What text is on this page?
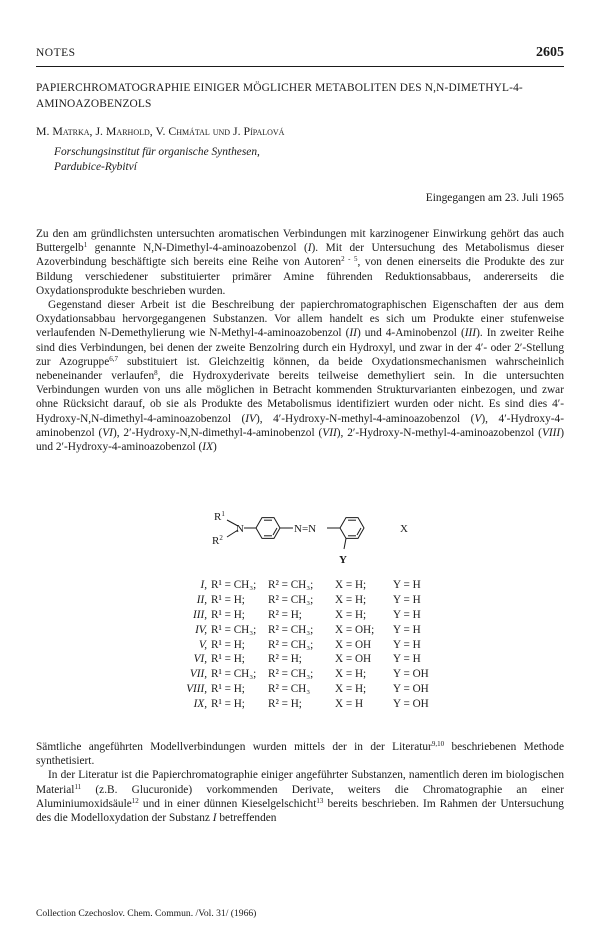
NOTES	2605
PAPIERCHROMATOGRAPHIE EINIGER MÖGLICHER METABOLITEN DES N,N-DIMETHYL-4-AMINOAZOBENZOLS
M. Matrka, J. Marhold, V. Chmátal und J. Pípalová
Forschungsinstitut für organische Synthesen,
Pardubice-Rybitví
Eingegangen am 23. Juli 1965

Zu den am gründlichsten untersuchten aromatischen Verbindungen mit karzinogener Einwirkung gehört das auch Buttergelb$^1$ genannte N,N-Dimethyl-4-aminoazobenzol (I). Mit der Untersuchung des Metabolismus dieser Azoverbindung beschäftigte sich bereits eine Reihe von Autoren$^{2 - 5}$, von denen einerseits die Produkte des zur Bildung verschiedener substituierter primärer Amine führenden Reduktionsabbaus, andererseits die Oxydationsprodukte beschrieben wurden.

Gegenstand dieser Arbeit ist die Beschreibung der papierchromatographischen Eigenschaften der aus dem Oxydationsabbau hervorgegangenen Substanzen. Vor allem handelt es sich um Produkte einer stufenweise verlaufenden N-Demethylierung wie N-Methyl-4-aminoazobenzol (II) und 4-Aminobenzol (III). In zweiter Reihe sind dies Verbindungen, bei denen der zweite Benzolring durch ein Hydroxyl, und zwar in der 4′- oder 2′-Stellung zur Azogruppe$^{6,7}$ substituiert ist. Gleichzeitig können, da beide Oxydationsmechanismen wahrscheinlich nebeneinander verlaufen$^8$, die Hydroxyderivate bereits teilweise demethyliert sein. In die untersuchten Verbindungen wurden von uns alle möglichen in Betracht kommenden Strukturvarianten einbezogen, und zwar ohne Rücksicht darauf, ob sie als Produkte des Metabolismus identifiziert wurden oder nicht. Es sind dies 4′-Hydroxy-N,N-dimethyl-4-aminoazobenzol (IV), 4′-Hydroxy-N-methyl-4-aminoazobenzol (V), 4′-Hydroxy-4-aminobenzol (VI), 2′-Hydroxy-N,N-dimethyl-4-aminobenzol (VII), 2′-Hydroxy-N-methyl-4-aminoazobenzol (VIII) und 2′-Hydroxy-4-aminoazobenzol (IX)

$R^1$
$R^2$
N	N=N	X
Y
I, R¹ = CH₃; R² = CH₃; X = H; Y = H
II, R¹ = H; R² = CH₃; X = H; Y = H
III, R¹ = H; R² = H;	X = H; Y = H
IV, R¹ = CH₃; R² = CH₃; X = OH; Y = H
V, R¹ = H; R² = CH₃; X = OH Y = H
VI, R¹ = H; R² = H;	X = OH Y = H
VII, R¹ = CH₃; R² = CH₃; X = H; Y = OH
VIII, R¹ = H; R² = CH₃ X = H; Y = OH
IX, R¹ = H; R² = H;	X = H	Y = OH

Sämtliche angeführten Modellverbindungen wurden mittels der in der Literatur$^{9,10}$ beschriebenen Methode synthetisiert.

In der Literatur ist die Papierchromatographie einiger angeführter Substanzen, namentlich deren im biologischen Material$^{11}$ (z.B. Glucuronide) vorkommenden Derivate, weiters die Chromatographie an einer Aluminiumoxidsäule$^{12}$ und in einer dünnen Kieselgelschicht$^{13}$ bereits beschrieben. Im Rahmen der Untersuchung des die Modelloxydation der Substanz I betreffenden

Collection Czechoslov. Chem. Commun. /Vol. 31/ (1966)
